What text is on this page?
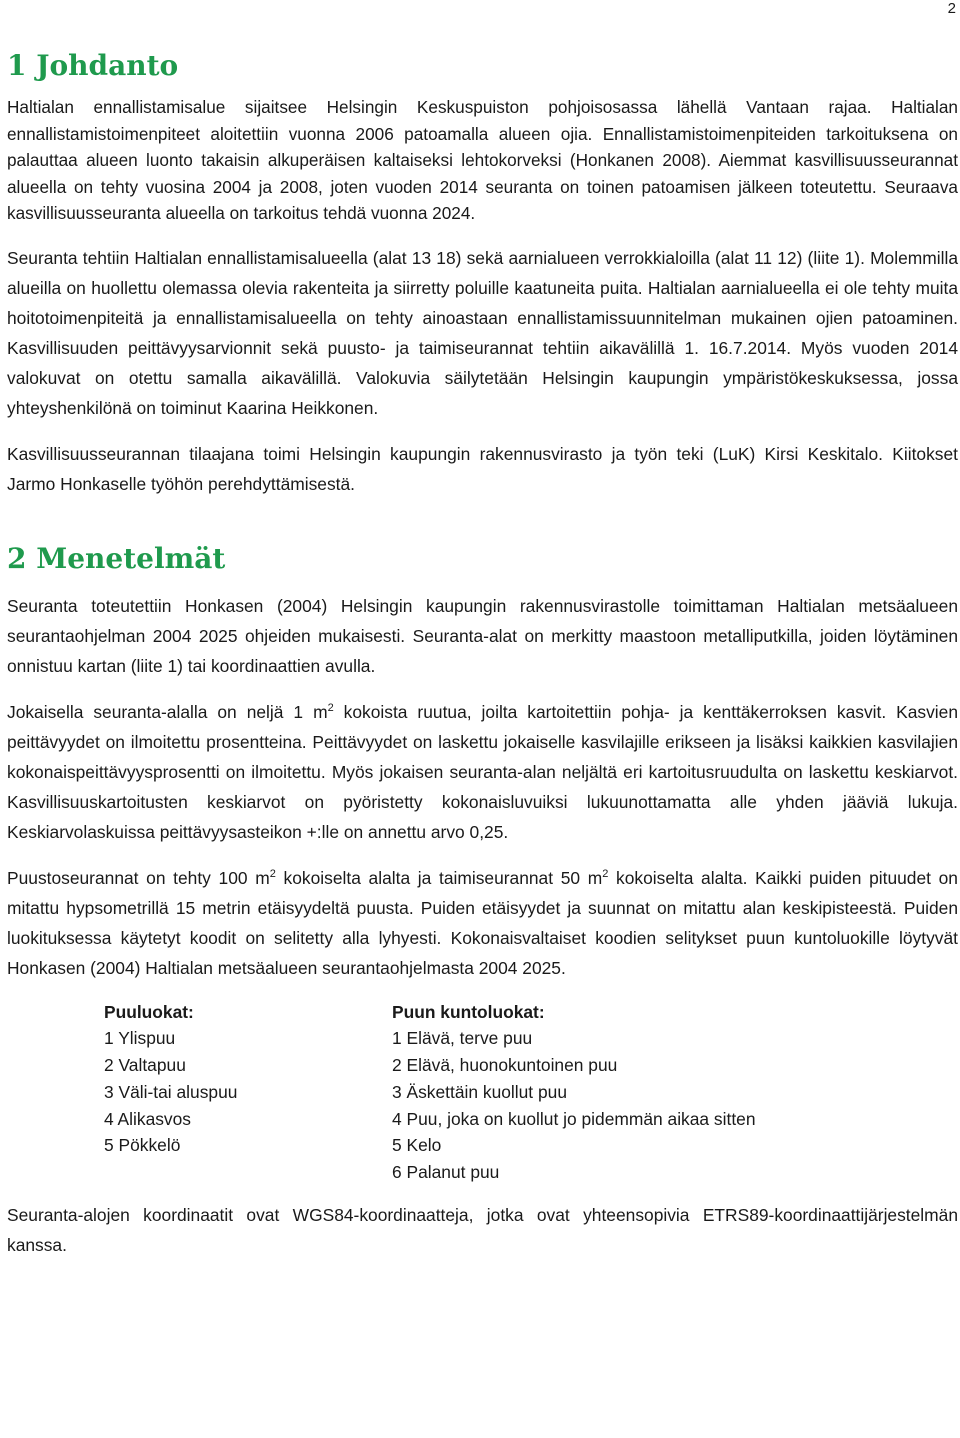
2
1 Johdanto

Haltialan ennallistamisalue sijaitsee Helsingin Keskuspuiston pohjoisosassa lähellä Vantaan rajaa. Haltialan ennallistamistoimenpiteet aloitettiin vuonna 2006 patoamalla alueen ojia. Ennallistamistoimenpiteiden tarkoituksena on palauttaa alueen luonto takaisin alkuperäisen kaltaiseksi lehtokorveksi (Honkanen 2008). Aiemmat kasvillisuusseurannat alueella on tehty vuosina 2004 ja 2008, joten vuoden 2014 seuranta on toinen patoamisen jälkeen toteutettu. Seuraava kasvillisuusseuranta alueella on tarkoitus tehdä vuonna 2024.

Seuranta tehtiin Haltialan ennallistamisalueella (alat 13 18) sekä aarnialueen verrokkialoilla (alat 11 12) (liite 1). Molemmilla alueilla on huollettu olemassa olevia rakenteita ja siirretty poluille kaatuneita puita. Haltialan aarnialueella ei ole tehty muita hoitotoimenpiteitä ja ennallistamisalueella on tehty ainoastaan ennallistamissuunnitelman mukainen ojien patoaminen. Kasvillisuuden peittävyysarvionnit sekä puusto- ja taimiseurannat tehtiin aikavälillä 1. 16.7.2014. Myös vuoden 2014 valokuvat on otettu samalla aikavälillä. Valokuvia säilytetään Helsingin kaupungin ympäristökeskuksessa, jossa yhteyshenkilönä on toiminut Kaarina Heikkonen.

Kasvillisuusseurannan tilaajana toimi Helsingin kaupungin rakennusvirasto ja työn teki (LuK) Kirsi Keskitalo. Kiitokset Jarmo Honkaselle työhön perehdyttämisestä.

2 Menetelmät

Seuranta toteutettiin Honkasen (2004) Helsingin kaupungin rakennusvirastolle toimittaman Haltialan metsäalueen seurantaohjelman 2004 2025 ohjeiden mukaisesti. Seuranta-alat on merkitty maastoon metalliputkilla, joiden löytäminen onnistuu kartan (liite 1) tai koordinaattien avulla.

Jokaisella seuranta-alalla on neljä 1 $m^2$ kokoista ruutua, joilta kartoitettiin pohja- ja kenttäkerroksen kasvit. Kasvien peittävyydet on ilmoitettu prosentteina. Peittävyydet on laskettu jokaiselle kasvilajille erikseen ja lisäksi kaikkien kasvilajien kokonaispeittävyysprosentti on ilmoitettu. Myös jokaisen seuranta-alan neljältä eri kartoitusruudulta on laskettu keskiarvot. Kasvillisuuskartoitusten keskiarvot on pyöristetty kokonaisluvuiksi lukuunottamatta alle yhden jääviä lukuja. Keskiarvolaskuissa peittävyysasteikon +:lle on annettu arvo 0,25.

Puustoseurannat on tehty 100 $m^2$ kokoiselta alalta ja taimiseurannat 50 $m^2$ kokoiselta alalta. Kaikki puiden pituudet on mitattu hypsometrillä 15 metrin etäisyydeltä puusta. Puiden etäisyydet ja suunnat on mitattu alan keskipisteestä. Puiden luokituksessa käytetyt koodit on selitetty alla lyhyesti. Kokonaisvaltaiset koodien selitykset puun kuntoluokille löytyvät Honkasen (2004) Haltialan metsäalueen seurantaohjelmasta 2004 2025.

Puuluokat:
1 Ylispuu
2 Valtapuu
3 Väli-tai aluspuu
4 Alikasvos
5 Pökkelö
Puun kuntoluokat:
1 Elävä, terve puu
2 Elävä, huonokuntoinen puu
3 Äskettäin kuollut puu
4 Puu, joka on kuollut jo pidemmän aikaa sitten
5 Kelo
6 Palanut puu

Seuranta-alojen koordinaatit ovat WGS84-koordinaatteja, jotka ovat yhteensopivia ETRS89-koordinaattijärjestelmän kanssa.
